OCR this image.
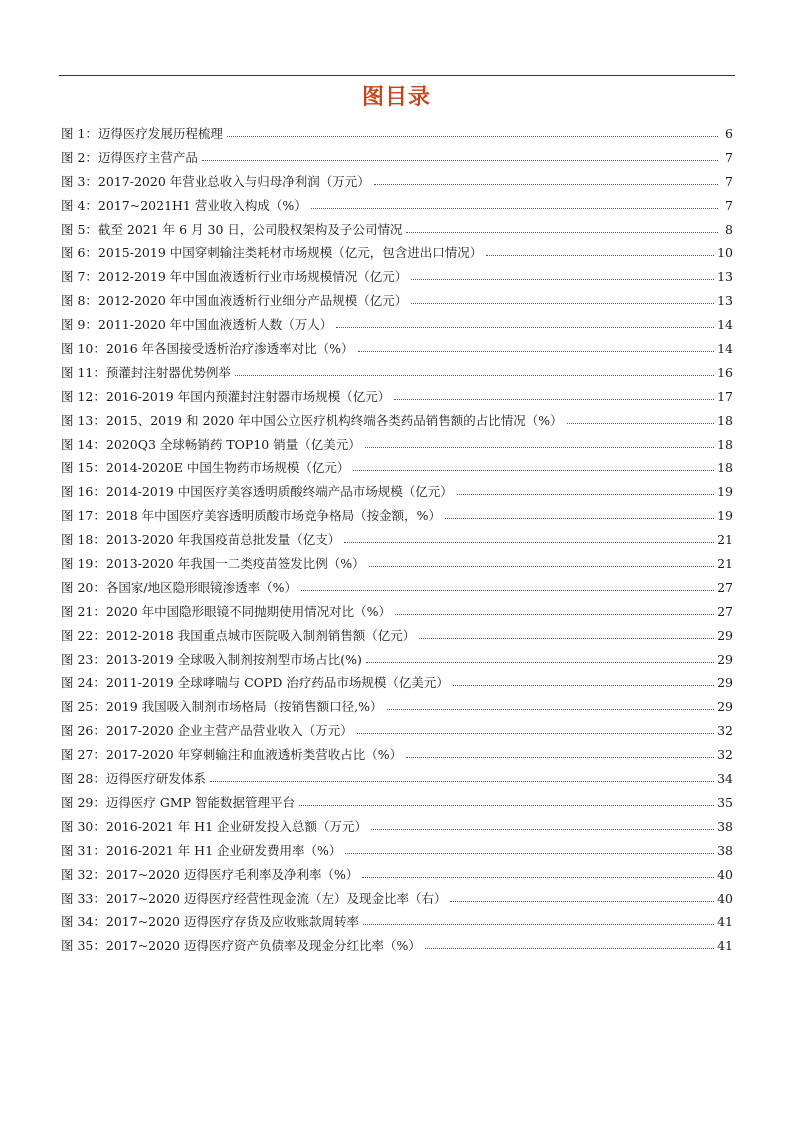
图目录
图 1：迈得医疗发展历程梳理	6
图 2：迈得医疗主营产品	7
图 3：2017-2020 年营业总收入与归母净利润（万元）	7
图 4：2017~2021H1 营业收入构成（%）	7
图 5：截至 2021 年 6 月 30 日，公司股权架构及子公司情况	8
图 6：2015-2019 中国穿刺输注类耗材市场规模（亿元，包含进出口情况）	10
图 7：2012-2019 年中国血液透析行业市场规模情况（亿元）	13
图 8：2012-2020 年中国血液透析行业细分产品规模（亿元）	13
图 9：2011-2020 年中国血液透析人数（万人）	14
图 10：2016 年各国接受透析治疗渗透率对比（%）	14
图 11：预灌封注射器优势例举	16
图 12：2016-2019 年国内预灌封注射器市场规模（亿元）	17
图 13：2015、2019 和 2020 年中国公立医疗机构终端各类药品销售额的占比情况（%）	18
图 14：2020Q3 全球畅销药 TOP10 销量（亿美元）	18
图 15：2014-2020E 中国生物药市场规模（亿元）	18
图 16：2014-2019 中国医疗美容透明质酸终端产品市场规模（亿元）	19
图 17：2018 年中国医疗美容透明质酸市场竞争格局（按金额，%）	19
图 18：2013-2020 年我国疫苗总批发量（亿支）	21
图 19：2013-2020 年我国一二类疫苗签发比例（%）	21
图 20：各国家/地区隐形眼镜渗透率（%）	27
图 21：2020 年中国隐形眼镜不同抛期使用情况对比（%）	27
图 22：2012-2018 我国重点城市医院吸入制剂销售额（亿元）	29
图 23：2013-2019 全球吸入制剂按剂型市场占比(%)	29
图 24：2011-2019 全球哮喘与 COPD 治疗药品市场规模（亿美元）	29
图 25：2019 我国吸入制剂市场格局（按销售额口径,%）	29
图 26：2017-2020 企业主营产品营业收入（万元）	32
图 27：2017-2020 年穿刺输注和血液透析类营收占比（%）	32
图 28：迈得医疗研发体系	34
图 29：迈得医疗 GMP 智能数据管理平台	35
图 30：2016-2021 年 H1 企业研发投入总额（万元）	38
图 31：2016-2021 年 H1 企业研发费用率（%）	38
图 32：2017~2020 迈得医疗毛利率及净利率（%）	40
图 33：2017~2020 迈得医疗经营性现金流（左）及现金比率（右）	40
图 34：2017~2020 迈得医疗存货及应收账款周转率	41
图 35：2017~2020 迈得医疗资产负债率及现金分红比率（%）	41
